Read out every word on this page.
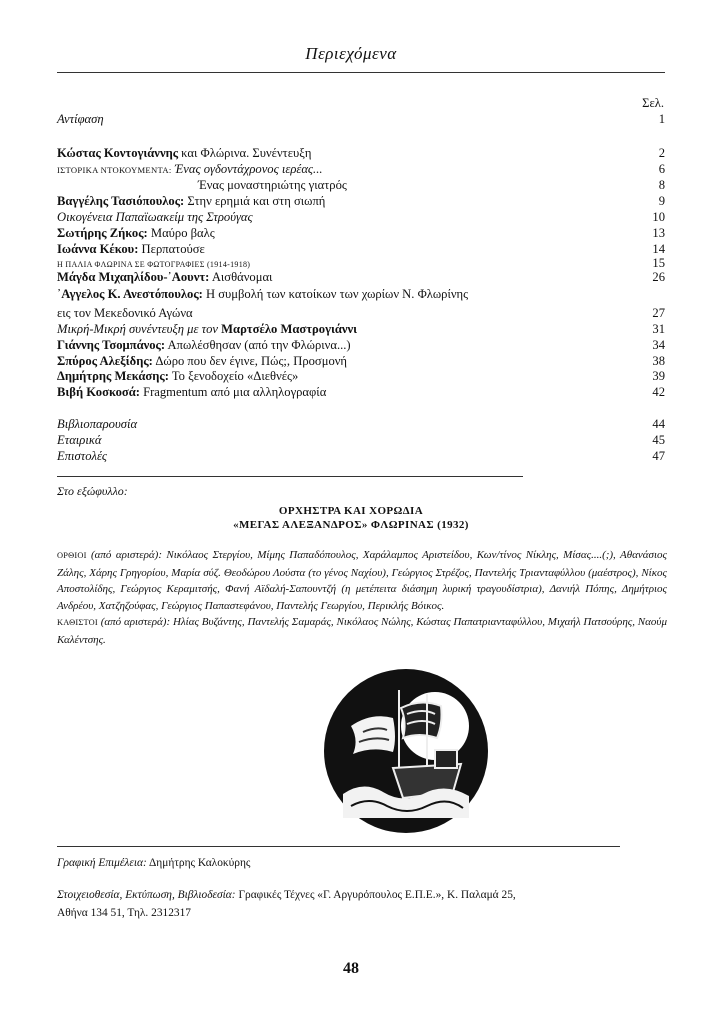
Περιεχόμενα
Σελ.
Αντίφαση	1
Κώστας Κοντογιάννης και Φλώρινα. Συνέντευξη	2
ΙΣΤΟΡΙΚΑ ΝΤΟΚΟΥΜΕΝΤΑ: Ένας ογδοντάχρονος ιερέας...	6
Ένας μοναστηριώτης γιατρός	8
Βαγγέλης Τασιόπουλος: Στην ερημιά και στη σιωπή	9
Οικογένεια Παπαϊωακείμ της Στρούγας	10
Σωτήρης Ζήκος: Μαύρο βαλς	13
Ιωάννα Κέκου: Περπατούσε	14
Η ΠΑΛΙΑ ΦΛΩΡΙΝΑ ΣΕ ΦΩΤΟΓΡΑΦΙΕΣ (1914-1918)	15
Μάγδα Μιχαηλίδου-᾽Αουντ: Αισθάνομαι	26
᾽Αγγελος Κ. Ανεστόπουλος: Η συμβολή των κατοίκων των χωρίων Ν. Φλωρίνης
εις τον Μεκεδονικό Αγώνα	27
Μικρή-Μικρή συνέντευξη με τον Μαρτσέλο Μαστρογιάννι	31
Γιάννης Τσομπάνος: Απωλέσθησαν (από την Φλώρινα...)	34
Σπύρος Αλεξίδης: Δώρο που δεν έγινε, Πώς;, Προσμονή	38
Δημήτρης Μεκάσης: Το ξενοδοχείο «Διεθνές»	39
Βιβή Κοσκοσά: Fragmentum από μια αλληλογραφία	42
Βιβλιοπαρουσία	44
Εταιρικά	45
Επιστολές	47
Στο εξώφυλλο:
ΟΡΧΗΣΤΡΑ ΚΑΙ ΧΟΡΩΔΙΑ
«ΜΕΓΑΣ ΑΛΕΞΑΝΔΡΟΣ» ΦΛΩΡΙΝΑΣ (1932)
ΟΡΘΙΟΙ (από αριστερά): Νικόλαος Στεργίου, Μίμης Παπαδόπουλος, Χαράλαμπος Αριστείδου, Κων/τίνος Νίκλης, Μίσας....(;), Αθανάσιος Ζάλης, Χάρης Γρηγορίου, Μαρία σύζ. Θεοδώρου Λούστα (το γένος Ναχίου), Γεώργιος Στρέζος, Παντελής Τριανταφύλλου (μαέστρος), Νίκος Αποστολίδης, Γεώργιος Κεραμιτσής, Φανή Αϊδαλή-Σαπουντζή (η μετέπειτα διάσημη λυρική τραγουδίστρια), Δανιήλ Πόπης, Δημήτριος Ανδρέου, Χατζηζούφας, Γεώργιος Παπαστεφάνου, Παντελής Γεωργίου, Περικλής Βόικος.
ΚΑΘΙΣΤΟΙ (από αριστερά): Ηλίας Βυζάντης, Παντελής Σαμαράς, Νικόλαος Νώλης, Κώστας Παπατριανταφύλλου, Μιχαήλ Πατσούρης, Ναούμ Καλέντσης.
Γραφική Επιμέλεια: Δημήτρης Καλοκύρης
Στοιχειοθεσία, Εκτύπωση, Βιβλιοδεσία: Γραφικές Τέχνες «Γ. Αργυρόπουλος Ε.Π.Ε.», Κ. Παλαμά 25,
Αθήνα 134 51, Τηλ. 2312317
48
